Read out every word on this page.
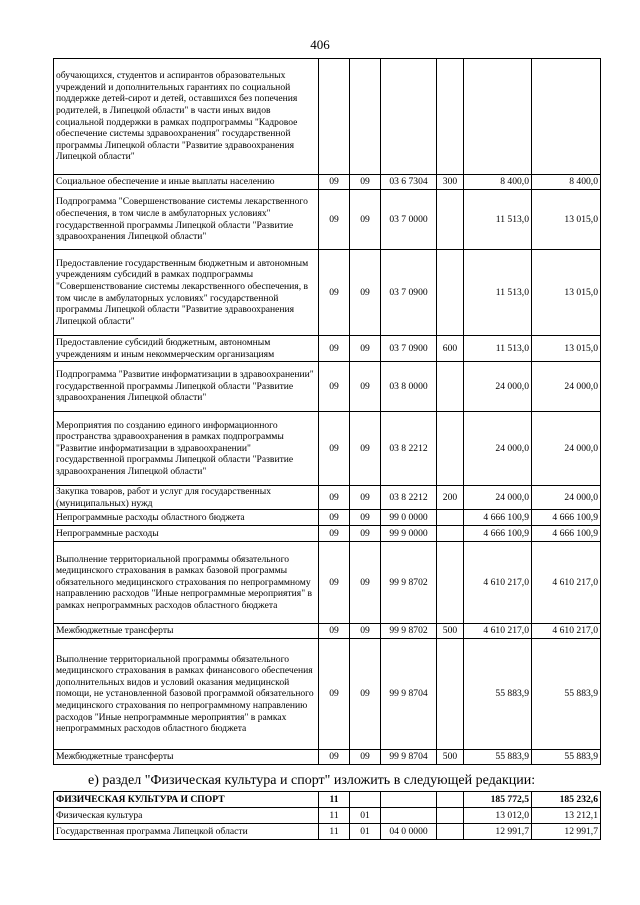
406
обучающихся, студентов и аспирантов образовательных учреждений и дополнительных гарантиях по социальной поддержке детей-сирот и детей, оставшихся без попечения родителей, в Липецкой области" в части иных видов социальной поддержки в рамках подпрограммы "Кадровое обеспечение системы здравоохранения" государственной программы Липецкой области "Развитие здравоохранения Липецкой области"						
Социальное обеспечение и иные выплаты населению	09	09	03 6 7304	300	8 400,0	8 400,0
Подпрограмма "Совершенствование системы лекарственного обеспечения, в том числе в амбулаторных условиях" государственной программы Липецкой области "Развитие здравоохранения Липецкой области"	09	09	03 7 0000		11 513,0	13 015,0
Предоставление государственным бюджетным и автономным учреждениям субсидий в рамках подпрограммы "Совершенствование системы лекарственного обеспечения, в том числе в амбулаторных условиях" государственной программы Липецкой области "Развитие здравоохранения Липецкой области"	09	09	03 7 0900		11 513,0	13 015,0
Предоставление субсидий бюджетным, автономным учреждениям и иным некоммерческим организациям	09	09	03 7 0900	600	11 513,0	13 015,0
Подпрограмма "Развитие информатизации в здравоохранении" государственной программы Липецкой области "Развитие здравоохранения Липецкой области"	09	09	03 8 0000		24 000,0	24 000,0
Мероприятия по созданию единого информационного пространства здравоохранения в рамках подпрограммы "Развитие информатизации в здравоохранении" государственной программы Липецкой области "Развитие здравоохранения Липецкой области"	09	09	03 8 2212		24 000,0	24 000,0
Закупка товаров, работ и услуг для государственных (муниципальных) нужд	09	09	03 8 2212	200	24 000,0	24 000,0
Непрограммные расходы областного бюджета	09	09	99 0 0000		4 666 100,9	4 666 100,9
Непрограммные расходы	09	09	99 9 0000		4 666 100,9	4 666 100,9
Выполнение территориальной программы обязательного медицинского страхования в рамках базовой программы обязательного медицинского страхования по непрограммному направлению расходов "Иные непрограммные мероприятия" в рамках непрограммных расходов областного бюджета	09	09	99 9 8702		4 610 217,0	4 610 217,0
Межбюджетные трансферты	09	09	99 9 8702	500	4 610 217,0	4 610 217,0
Выполнение территориальной программы обязательного медицинского страхования в рамках финансового обеспечения дополнительных видов и условий оказания медицинской помощи, не установленной базовой программой обязательного медицинского страхования по непрограммному направлению расходов "Иные непрограммные мероприятия" в рамках непрограммных расходов областного бюджета	09	09	99 9 8704		55 883,9	55 883,9
Межбюджетные трансферты	09	09	99 9 8704	500	55 883,9	55 883,9
е) раздел "Физическая культура и спорт" изложить в следующей редакции:
ФИЗИЧЕСКАЯ КУЛЬТУРА И СПОРТ	11				185 772,5	185 232,6
Физическая культура	11	01			13 012,0	13 212,1
Государственная программа Липецкой области	11	01	04 0 0000		12 991,7	12 991,7
